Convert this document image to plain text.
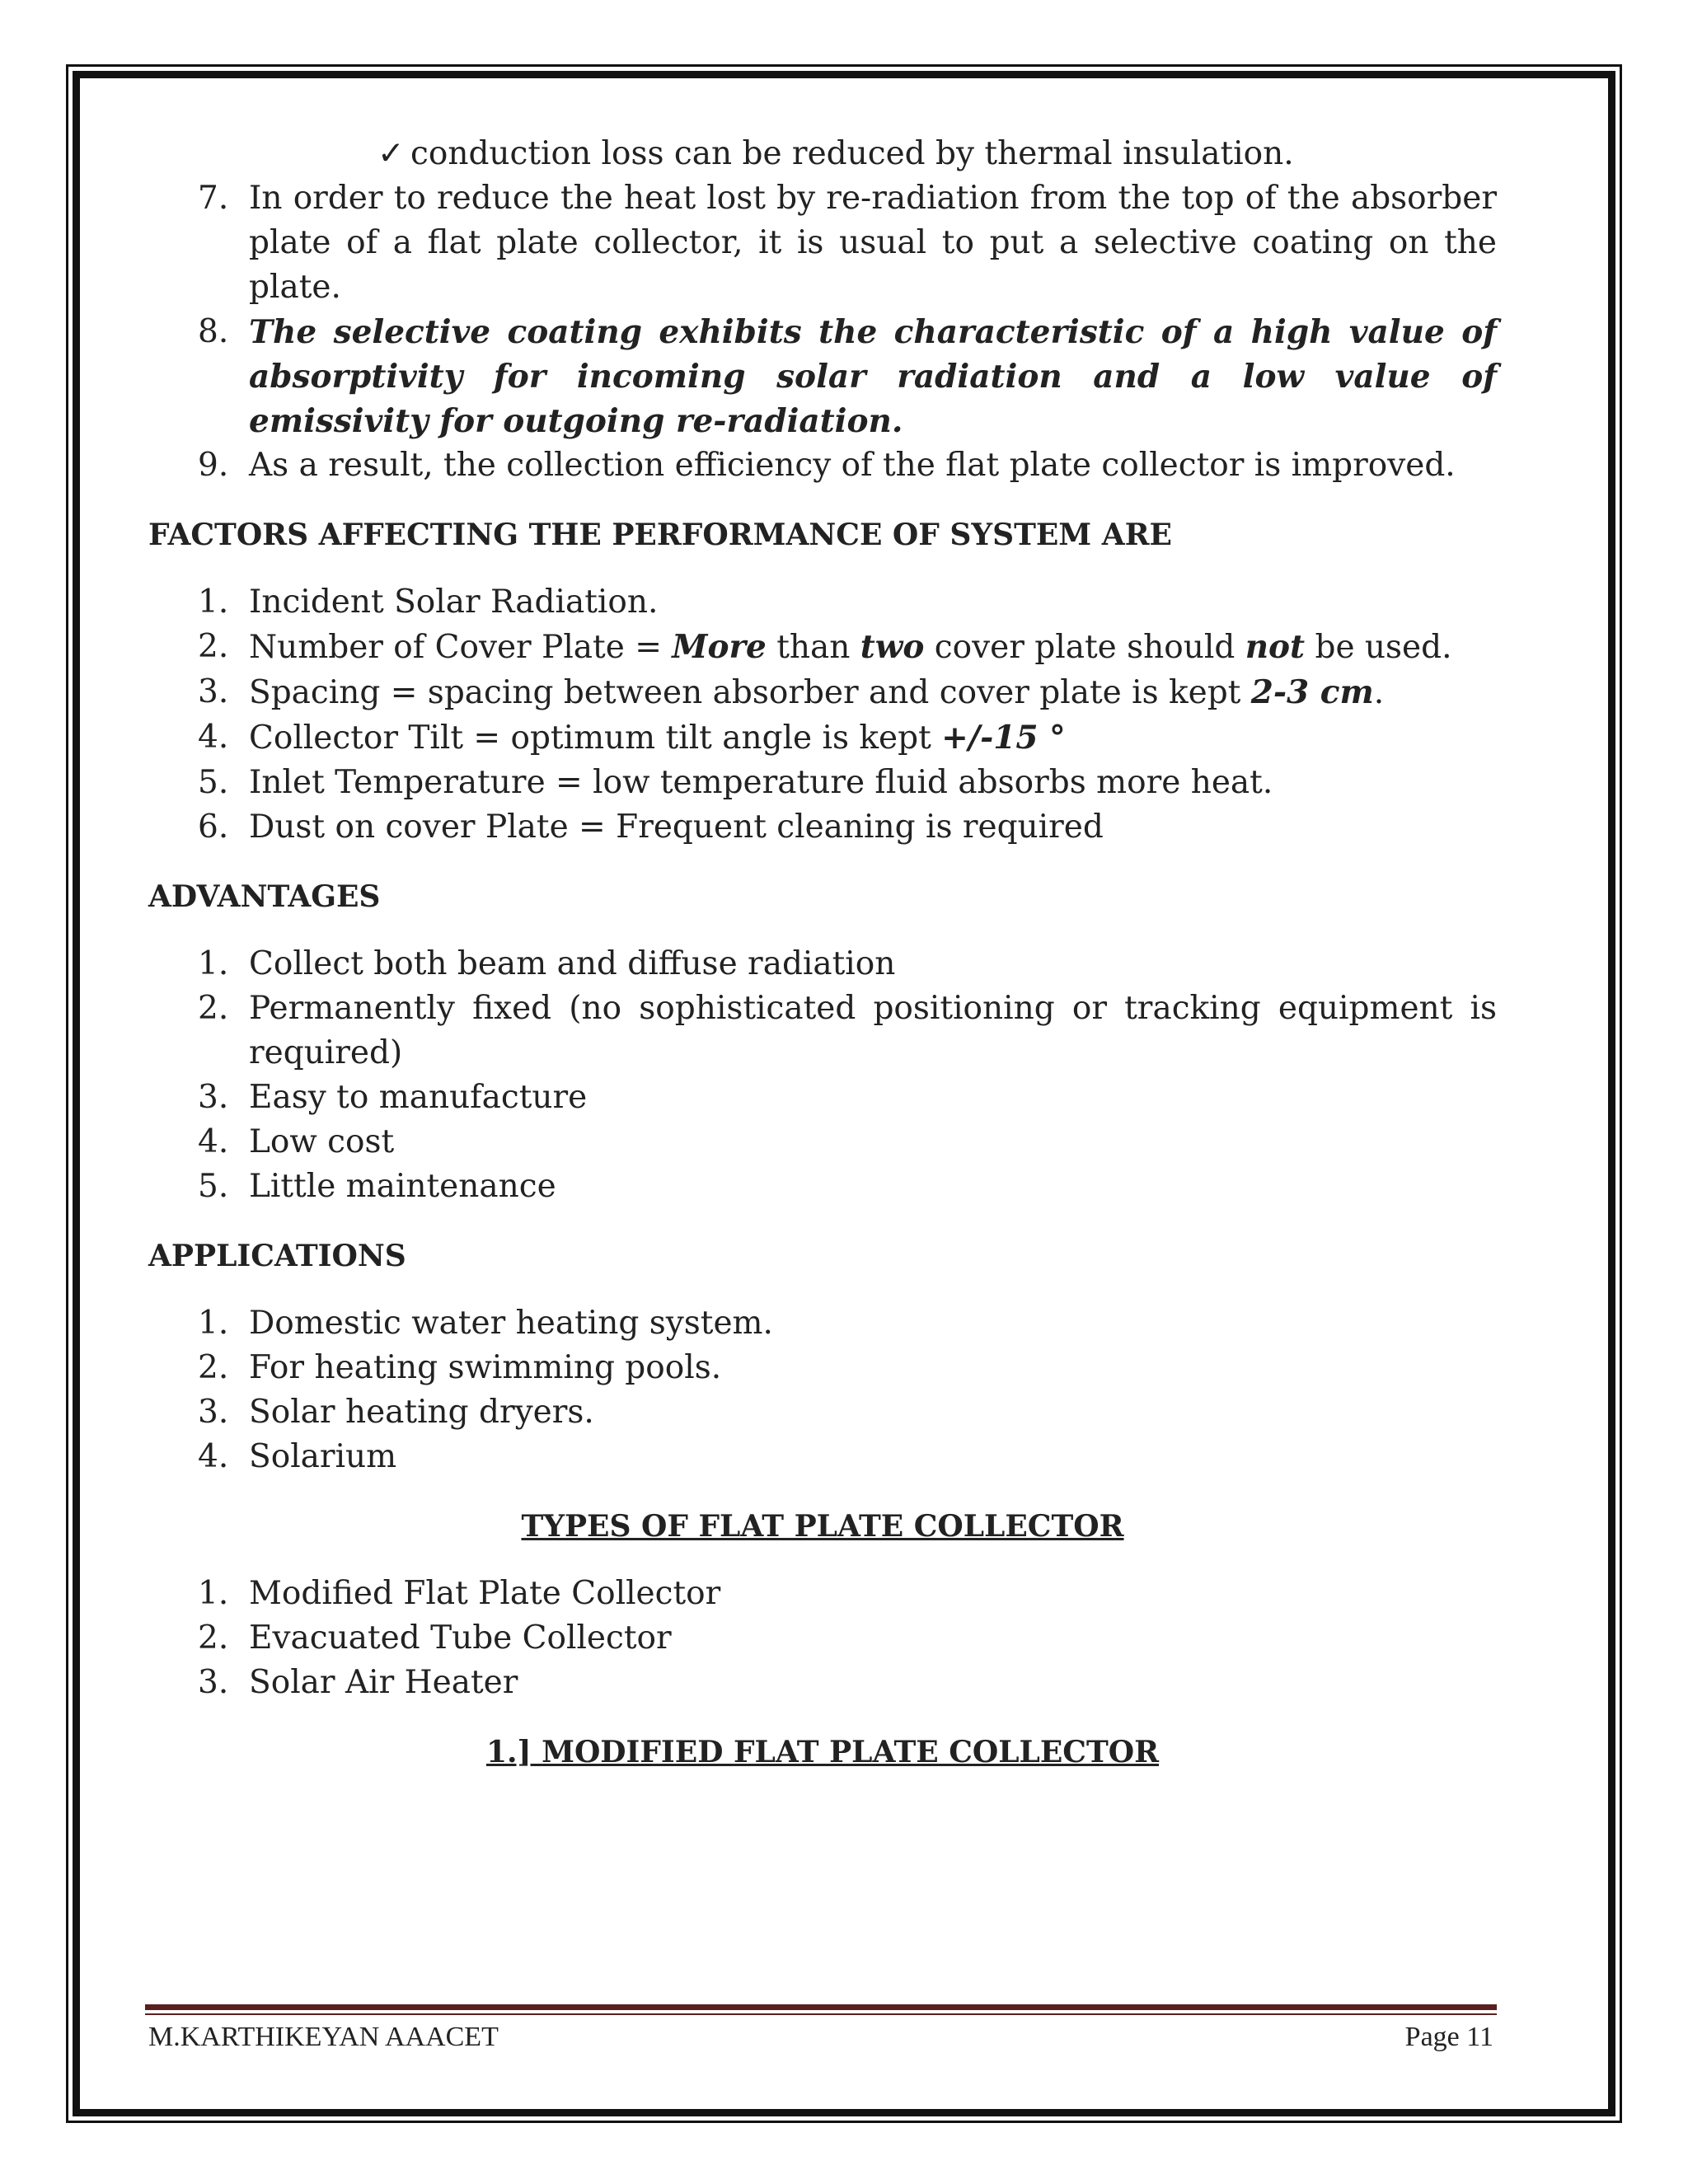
✓ conduction loss can be reduced by thermal insulation.
7. In order to reduce the heat lost by re-radiation from the top of the absorber plate of a flat plate collector, it is usual to put a selective coating on the plate.
8. The selective coating exhibits the characteristic of a high value of absorptivity for incoming solar radiation and a low value of emissivity for outgoing re-radiation.
9. As a result, the collection efficiency of the flat plate collector is improved.
FACTORS AFFECTING THE PERFORMANCE OF SYSTEM ARE
1. Incident Solar Radiation.
2. Number of Cover Plate = More than two cover plate should not be used.
3. Spacing = spacing between absorber and cover plate is kept 2-3 cm.
4. Collector Tilt = optimum tilt angle is kept +/-15 °
5. Inlet Temperature = low temperature fluid absorbs more heat.
6. Dust on cover Plate = Frequent cleaning is required
ADVANTAGES
1. Collect both beam and diffuse radiation
2. Permanently fixed (no sophisticated positioning or tracking equipment is required)
3. Easy to manufacture
4. Low cost
5. Little maintenance
APPLICATIONS
1. Domestic water heating system.
2. For heating swimming pools.
3. Solar heating dryers.
4. Solarium
TYPES OF FLAT PLATE COLLECTOR
1. Modified Flat Plate Collector
2. Evacuated Tube Collector
3. Solar Air Heater
1.] MODIFIED FLAT PLATE COLLECTOR
M.KARTHIKEYAN AAACET	Page 11
